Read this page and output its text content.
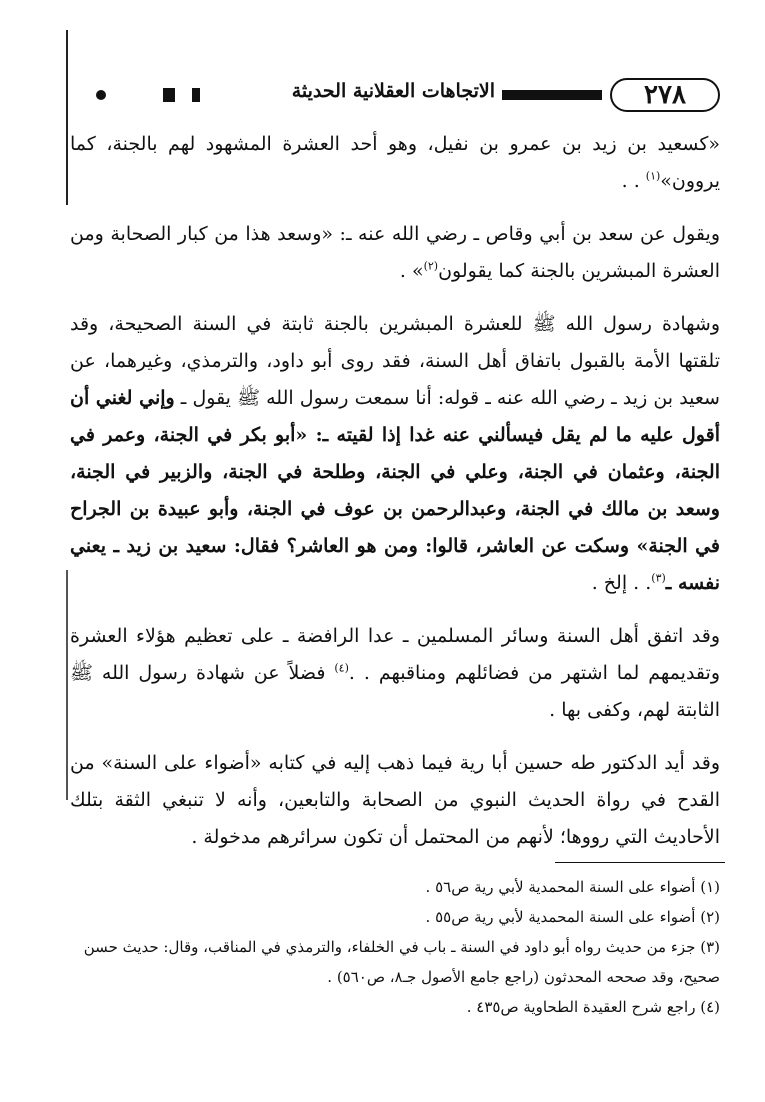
٢٧٨
الاتجاهات العقلانية الحديثة

«كسعيد بن زيد بن عمرو بن نفيل، وهو أحد العشرة المشهود لهم بالجنة، كما يروون»$^{(١)}$ . .

ويقول عن سعد بن أبي وقاص ـ رضي الله عنه ـ: «وسعد هذا من كبار الصحابة ومن العشرة المبشرين بالجنة كما يقولون$^{(٢)}$» .

وشهادة رسول الله ﷺ للعشرة المبشرين بالجنة ثابتة في السنة الصحيحة، وقد تلقتها الأمة بالقبول باتفاق أهل السنة، فقد روى أبو داود، والترمذي، وغيرهما، عن سعيد بن زيد ـ رضي الله عنه ـ قوله: أنا سمعت رسول الله ﷺ يقول ـ وإني لغني أن أقول عليه ما لم يقل فيسألني عنه غدا إذا لقيته ـ: «أبو بكر في الجنة، وعمر في الجنة، وعثمان في الجنة، وعلي في الجنة، وطلحة في الجنة، والزبير في الجنة، وسعد بن مالك في الجنة، وعبدالرحمن بن عوف في الجنة، وأبو عبيدة بن الجراح في الجنة» وسكت عن العاشر، قالوا: ومن هو العاشر؟ فقال: سعيد بن زيد ـ يعني نفسه ـ$^{(٣)}$. . إلخ .

وقد اتفق أهل السنة وسائر المسلمين ـ عدا الرافضة ـ على تعظيم هؤلاء العشرة وتقديمهم لما اشتهر من فضائلهم ومناقبهم . .$^{(٤)}$ فضلاً عن شهادة رسول الله ﷺ الثابتة لهم، وكفى بها .

وقد أيد الدكتور طه حسين أبا رية فيما ذهب إليه في كتابه «أضواء على السنة» من القدح في رواة الحديث النبوي من الصحابة والتابعين، وأنه لا تنبغي الثقة بتلك الأحاديث التي رووها؛ لأنهم من المحتمل أن تكون سرائرهم مدخولة .

(١) أضواء على السنة المحمدية لأبي رية ص٥٦ .
(٢) أضواء على السنة المحمدية لأبي رية ص٥٥ .
(٣) جزء من حديث رواه أبو داود في السنة ـ باب في الخلفاء، والترمذي في المناقب، وقال: حديث حسن صحيح، وقد صححه المحدثون (راجع جامع الأصول جـ٨، ص٥٦٠) .
(٤) راجع شرح العقيدة الطحاوية ص٤٣٥ .
